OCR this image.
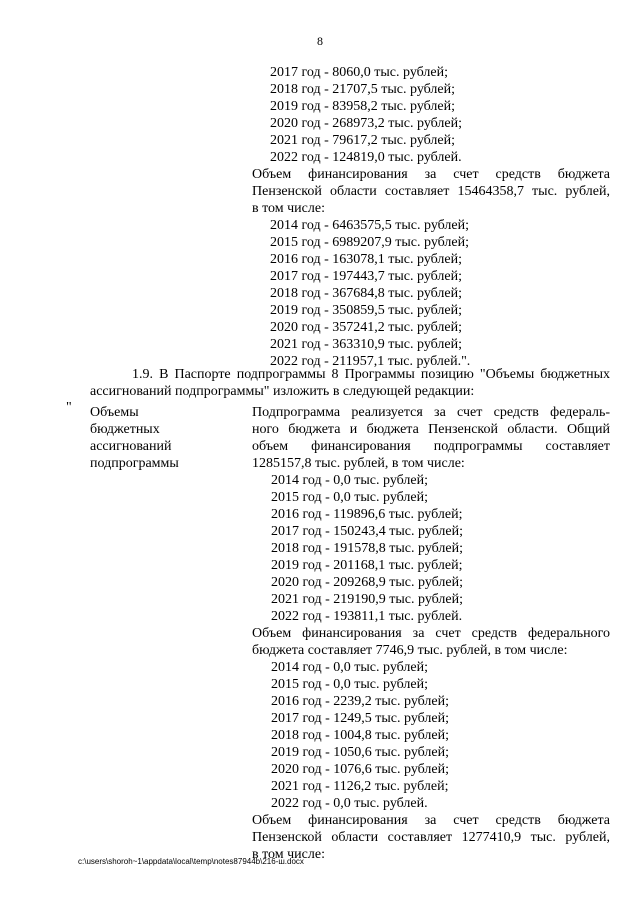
8
2017 год - 8060,0 тыс. рублей;
2018 год - 21707,5 тыс. рублей;
2019 год - 83958,2 тыс. рублей;
2020 год - 268973,2 тыс. рублей;
2021 год - 79617,2 тыс. рублей;
2022 год - 124819,0 тыс. рублей.
Объем финансирования за счет средств бюджета
Пензенской области составляет 15464358,7 тыс. рублей,
в том числе:
2014 год - 6463575,5 тыс. рублей;
2015 год - 6989207,9 тыс. рублей;
2016 год - 163078,1 тыс. рублей;
2017 год - 197443,7 тыс. рублей;
2018 год - 367684,8 тыс. рублей;
2019 год - 350859,5 тыс. рублей;
2020 год - 357241,2 тыс. рублей;
2021 год - 363310,9 тыс. рублей;
2022 год - 211957,1 тыс. рублей.".
1.9. В Паспорте подпрограммы 8 Программы позицию "Объемы бюджетных
ассигнований подпрограммы" изложить в следующей редакции:
" Объемы
бюджетных
ассигнований
подпрограммы
Подпрограмма реализуется за счет средств федераль-
ного бюджета и бюджета Пензенской области. Общий
объем финансирования подпрограммы составляет
1285157,8 тыс. рублей, в том числе:
2014 год - 0,0 тыс. рублей;
2015 год - 0,0 тыс. рублей;
2016 год - 119896,6 тыс. рублей;
2017 год - 150243,4 тыс. рублей;
2018 год - 191578,8 тыс. рублей;
2019 год - 201168,1 тыс. рублей;
2020 год - 209268,9 тыс. рублей;
2021 год - 219190,9 тыс. рублей;
2022 год - 193811,1 тыс. рублей.
Объем финансирования за счет средств федерального
бюджета составляет 7746,9 тыс. рублей, в том числе:
2014 год - 0,0 тыс. рублей;
2015 год - 0,0 тыс. рублей;
2016 год - 2239,2 тыс. рублей;
2017 год - 1249,5 тыс. рублей;
2018 год - 1004,8 тыс. рублей;
2019 год - 1050,6 тыс. рублей;
2020 год - 1076,6 тыс. рублей;
2021 год - 1126,2 тыс. рублей;
2022 год - 0,0 тыс. рублей.
Объем финансирования за счет средств бюджета
Пензенской области составляет 1277410,9 тыс. рублей,
в том числе:
c:\users\shoroh~1\appdata\local\temp\notes87944b\216-ш.docx
